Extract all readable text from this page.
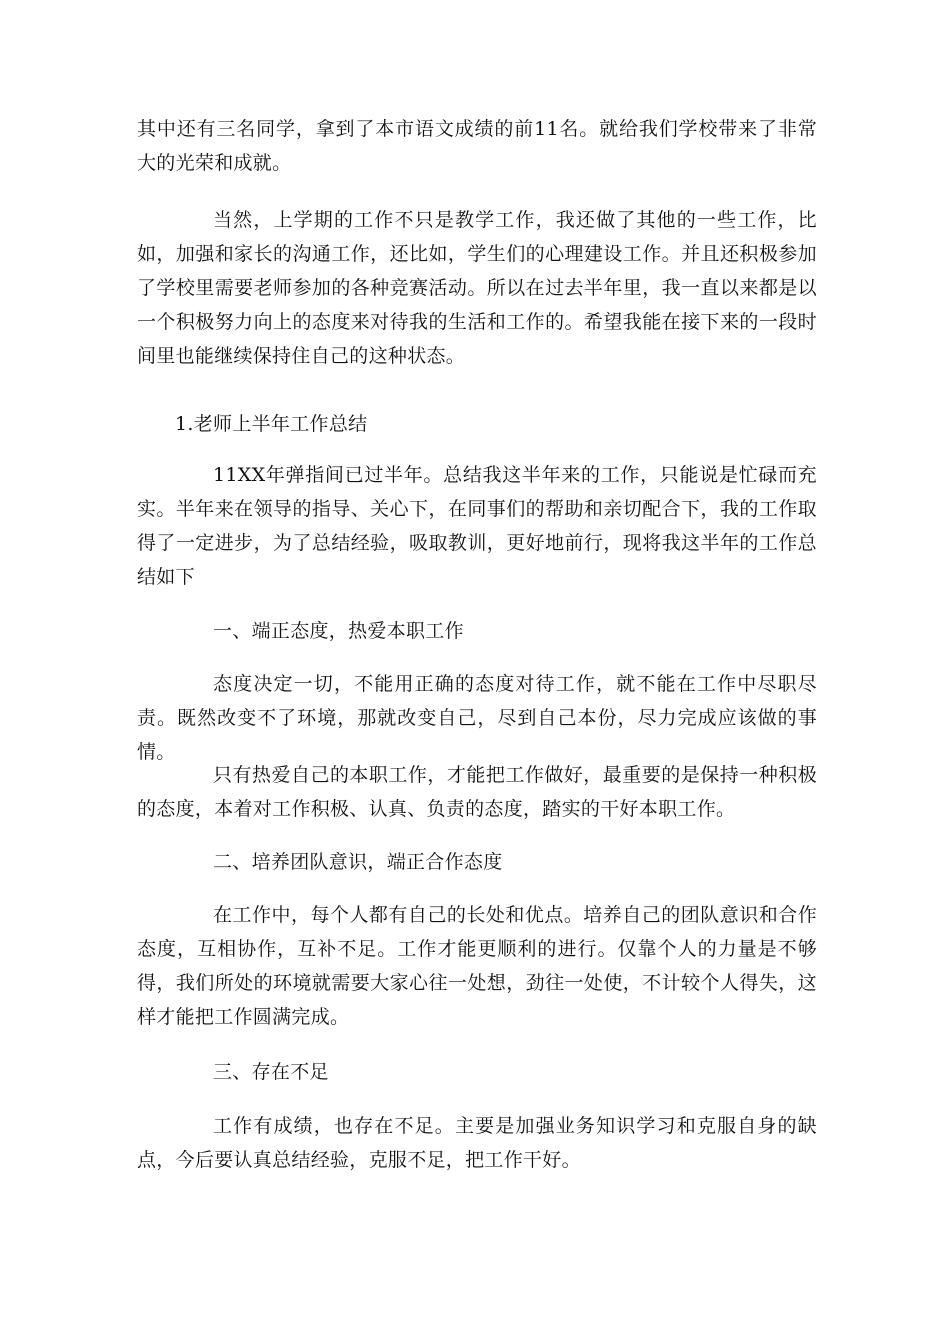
其中还有三名同学，拿到了本市语文成绩的前11名。就给我们学校带来了非常大的光荣和成就。

当然，上学期的工作不只是教学工作，我还做了其他的一些工作，比如，加强和家长的沟通工作，还比如，学生们的心理建设工作。并且还积极参加了学校里需要老师参加的各种竞赛活动。所以在过去半年里，我一直以来都是以一个积极努力向上的态度来对待我的生活和工作的。希望我能在接下来的一段时间里也能继续保持住自己的这种状态。

1.老师上半年工作总结

11XX年弹指间已过半年。总结我这半年来的工作，只能说是忙碌而充实。半年来在领导的指导、关心下，在同事们的帮助和亲切配合下，我的工作取得了一定进步，为了总结经验，吸取教训，更好地前行，现将我这半年的工作总结如下

一、端正态度，热爱本职工作

态度决定一切，不能用正确的态度对待工作，就不能在工作中尽职尽责。既然改变不了环境，那就改变自己，尽到自己本份，尽力完成应该做的事情。

只有热爱自己的本职工作，才能把工作做好，最重要的是保持一种积极的态度，本着对工作积极、认真、负责的态度，踏实的干好本职工作。

二、培养团队意识，端正合作态度

在工作中，每个人都有自己的长处和优点。培养自己的团队意识和合作态度，互相协作，互补不足。工作才能更顺利的进行。仅靠个人的力量是不够得，我们所处的环境就需要大家心往一处想，劲往一处使，不计较个人得失，这样才能把工作圆满完成。

三、存在不足

工作有成绩，也存在不足。主要是加强业务知识学习和克服自身的缺点，今后要认真总结经验，克服不足，把工作干好。
